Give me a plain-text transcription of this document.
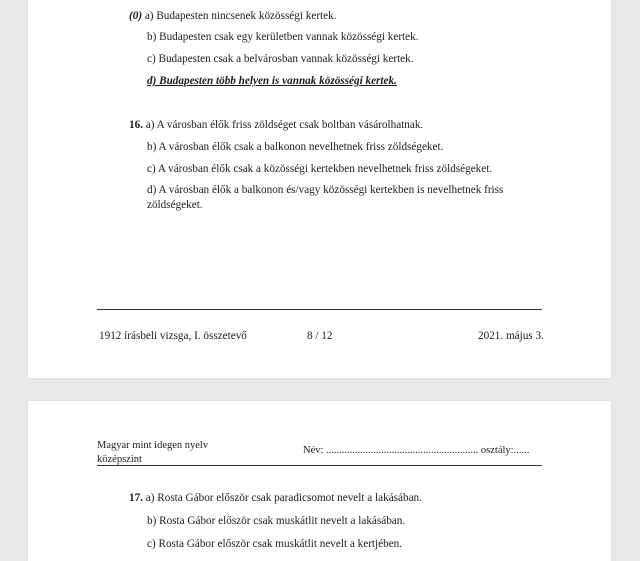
(0) a) Budapesten nincsenek közösségi kertek.
b) Budapesten csak egy kerületben vannak közösségi kertek.
c) Budapesten csak a belvárosban vannak közösségi kertek.
d) Budapesten több helyen is vannak közösségi kertek.
16. a) A városban élők friss zöldséget csak boltban vásárolhatnak.
b) A városban élők csak a balkonon nevelhetnek friss zöldségeket.
c) A városban élők csak a közösségi kertekben nevelhetnek friss zöldségeket.
d) A városban élők a balkonon és/vagy közösségi kertekben is nevelhetnek friss
zöldségeket.
1912 írásbeli vizsga, I. összetevő	8 / 12	2021. május 3.
Magyar mint idegen nyelv
középszint
Név: .......................................................... osztály:......
17. a) Rosta Gábor először csak paradicsomot nevelt a lakásában.
b) Rosta Gábor először csak muskátlit nevelt a lakásában.
c) Rosta Gábor először csak muskátlit nevelt a kertjében.
